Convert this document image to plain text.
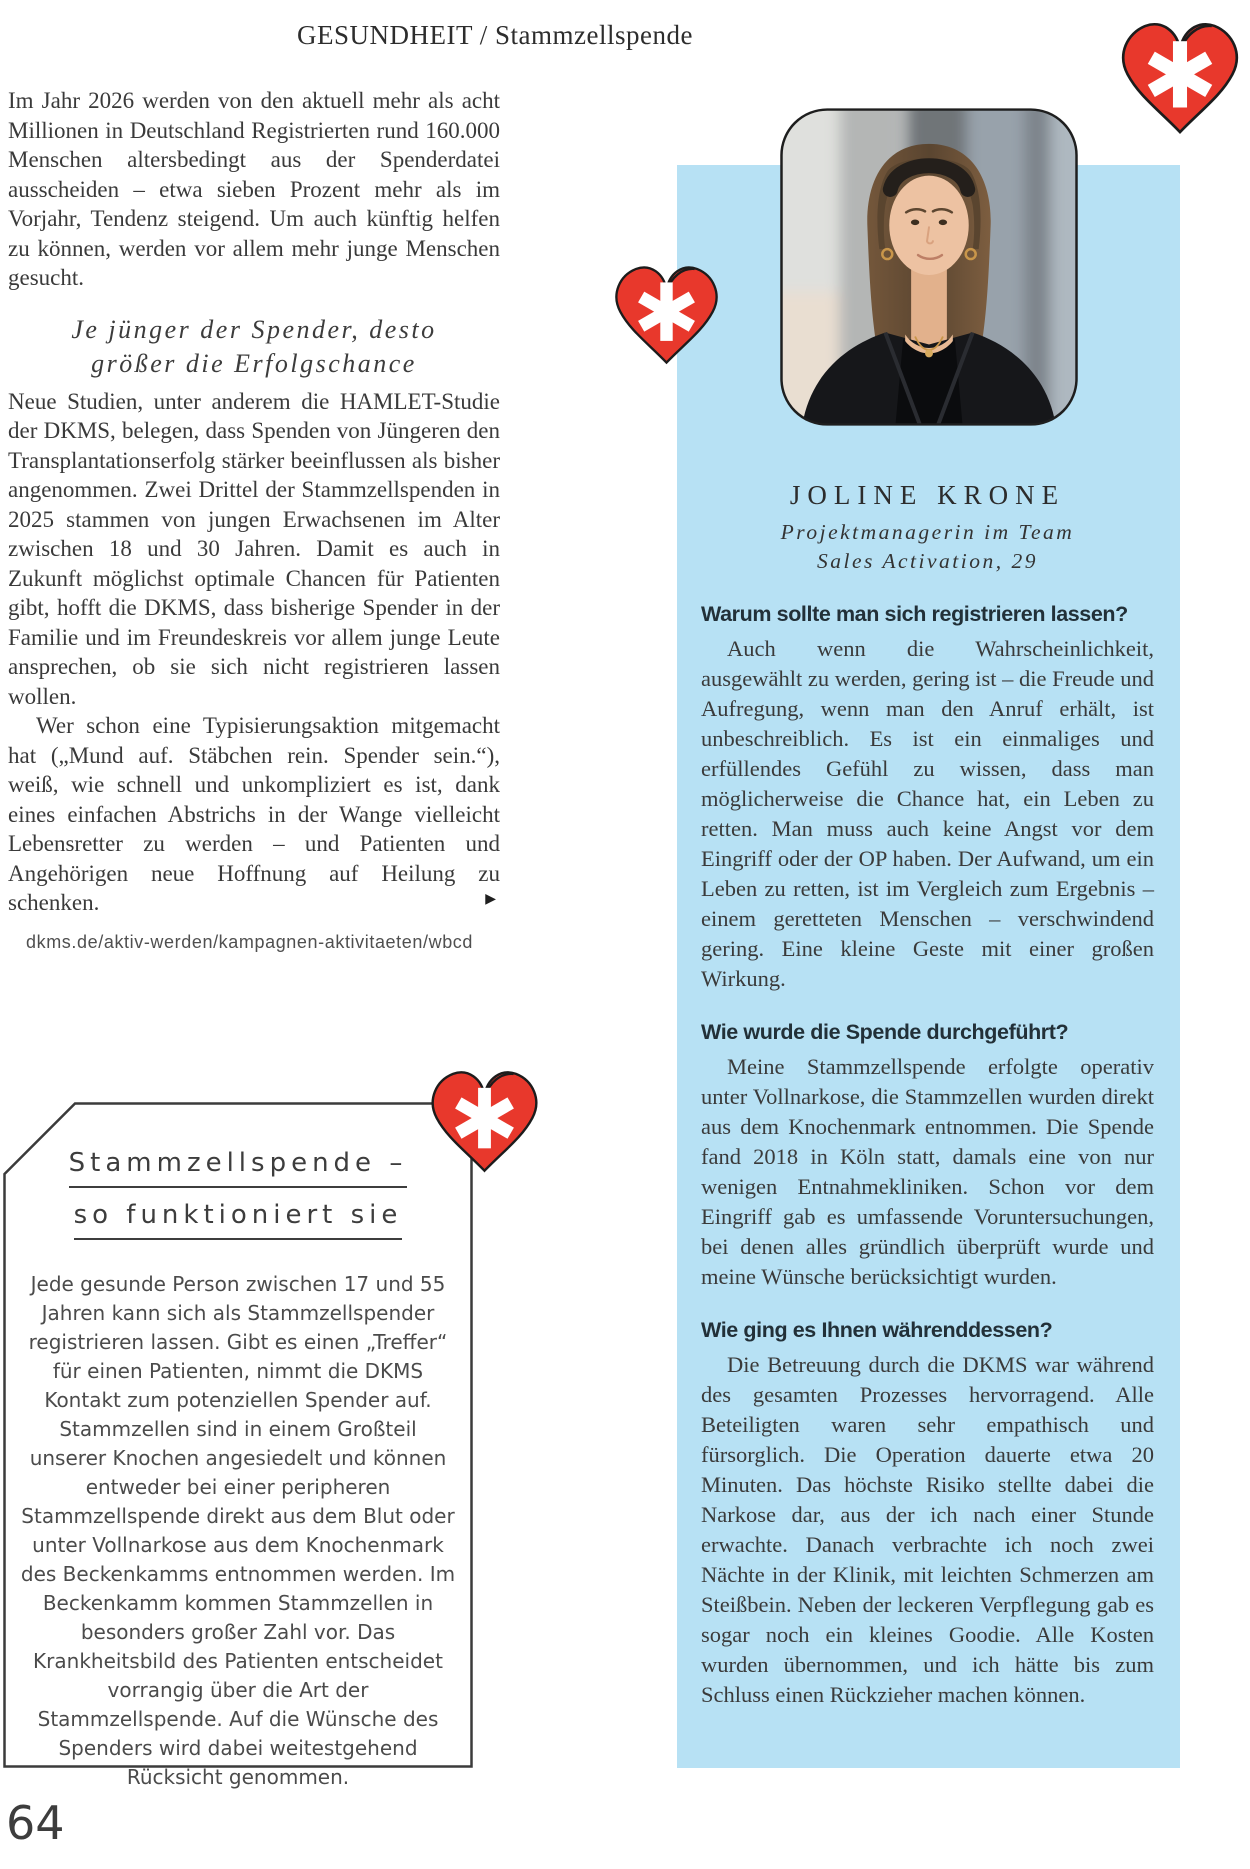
GESUNDHEIT / Stammzellspende

Im Jahr 2026 werden von den aktuell mehr als acht Millionen in Deutschland Registrierten rund 160.000 Menschen altersbedingt aus der Spenderdatei ausscheiden – etwa sieben Prozent mehr als im Vorjahr, Tendenz steigend. Um auch künftig helfen zu können, werden vor allem mehr junge Menschen gesucht.

Je jünger der Spender, desto
größer die Erfolgschance

Neue Studien, unter anderem die HAMLET-Studie der DKMS, belegen, dass Spenden von Jüngeren den Transplantationserfolg stärker beeinflussen als bisher angenommen. Zwei Drittel der Stammzellspenden in 2025 stammen von jungen Erwachsenen im Alter zwischen 18 und 30 Jahren. Damit es auch in Zukunft möglichst optimale Chancen für Patienten gibt, hofft die DKMS, dass bisherige Spender in der Familie und im Freundeskreis vor allem junge Leute ansprechen, ob sie sich nicht registrieren lassen wollen.

Wer schon eine Typisierungsaktion mitgemacht hat („Mund auf. Stäbchen rein. Spender sein.“), weiß, wie schnell und unkompliziert es ist, dank eines einfachen Abstrichs in der Wange vielleicht Lebensretter zu werden – und Patienten und Angehörigen neue Hoffnung auf Heilung zu schenken.	▶

dkms.de/aktiv-werden/kampagnen-aktivitaeten/wbcd
JOLINE KRONE
Projektmanagerin im Team
Sales Activation, 29
Warum sollte man sich registrieren lassen?

Auch wenn die Wahrscheinlichkeit, ausgewählt zu werden, gering ist – die Freude und Aufregung, wenn man den Anruf erhält, ist unbeschreiblich. Es ist ein einmaliges und erfüllendes Gefühl zu wissen, dass man möglicherweise die Chance hat, ein Leben zu retten. Man muss auch keine Angst vor dem Eingriff oder der OP haben. Der Aufwand, um ein Leben zu retten, ist im Vergleich zum Ergebnis – einem geretteten Menschen – verschwindend gering. Eine kleine Geste mit einer großen Wirkung.

Wie wurde die Spende durchgeführt?

Meine Stammzellspende erfolgte operativ unter Vollnarkose, die Stammzellen wurden direkt aus dem Knochenmark entnommen. Die Spende fand 2018 in Köln statt, damals eine von nur wenigen Entnahmekliniken. Schon vor dem Eingriff gab es umfassende Voruntersuchungen, bei denen alles gründlich überprüft wurde und meine Wünsche berücksichtigt wurden.

Wie ging es Ihnen währenddessen?

Die Betreuung durch die DKMS war während des gesamten Prozesses hervorragend. Alle Beteiligten waren sehr empathisch und fürsorglich. Die Operation dauerte etwa 20 Minuten. Das höchste Risiko stellte dabei die Narkose dar, aus der ich nach einer Stunde erwachte. Danach verbrachte ich noch zwei Nächte in der Klinik, mit leichten Schmerzen am Steißbein. Neben der leckeren Verpflegung gab es sogar noch ein kleines Goodie. Alle Kosten wurden übernommen, und ich hätte bis zum Schluss einen Rückzieher machen können.

Stammzellspende –
so funktioniert sie

Jede gesunde Person zwischen 17 und 55 Jahren kann sich als Stammzellspender registrieren lassen. Gibt es einen „Treffer“ für einen Patienten, nimmt die DKMS Kontakt zum potenziellen Spender auf. Stammzellen sind in einem Großteil unserer Knochen angesiedelt und können entweder bei einer peripheren Stammzellspende direkt aus dem Blut oder unter Vollnarkose aus dem Knochenmark des Beckenkamms entnommen werden. Im Beckenkamm kommen Stammzellen in besonders großer Zahl vor. Das Krankheitsbild des Patienten entscheidet vorrangig über die Art der Stammzellspende. Auf die Wünsche des Spenders wird dabei weitestgehend Rücksicht genommen.

64
